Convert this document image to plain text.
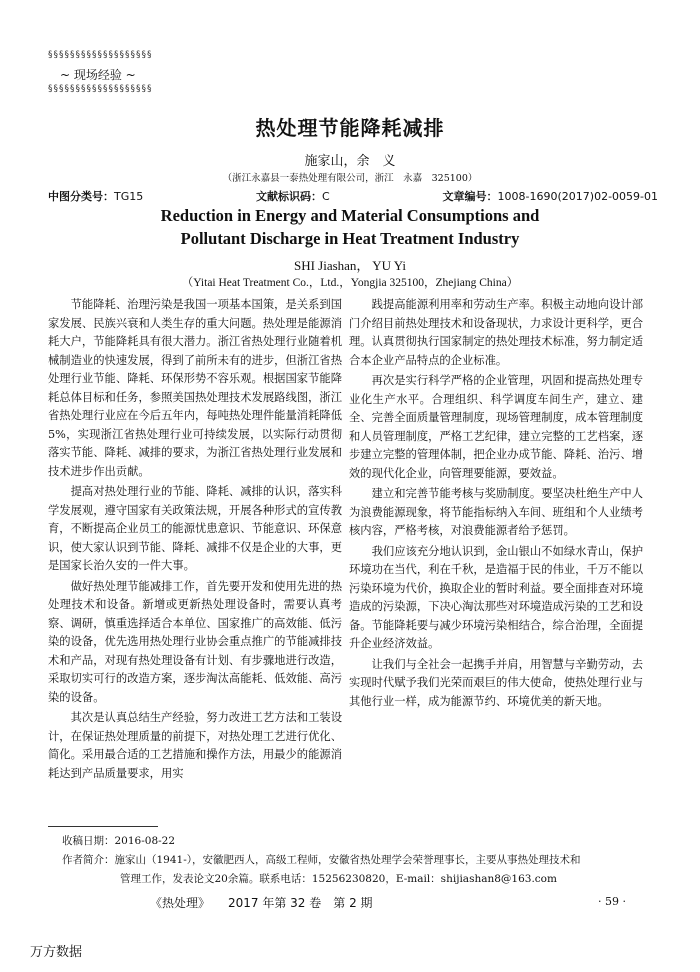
§§§§§§§§§§§§§§§§§§§
~ 现场经验 ~
§§§§§§§§§§§§§§§§§§§
热处理节能降耗减排
施家山，余　义
（浙江永嘉县一泰热处理有限公司，浙江　永嘉　325100）
中图分类号：TG15	文献标识码：C	文章编号：1008-1690(2017)02-0059-01
Reduction in Energy and Material Consumptions and
Pollutant Discharge in Heat Treatment Industry
SHI Jiashan， YU Yi
（Yitai Heat Treatment Co.，Ltd.，Yongjia 325100，Zhejiang China）

节能降耗、治理污染是我国一项基本国策，是关系到国家发展、民族兴衰和人类生存的重大问题。热处理是能源消耗大户，节能降耗具有很大潜力。浙江省热处理行业随着机械制造业的快速发展，得到了前所未有的进步，但浙江省热处理行业节能、降耗、环保形势不容乐观。根据国家节能降耗总体目标和任务，参照美国热处理技术发展路线图，浙江省热处理行业应在今后五年内，每吨热处理件能量消耗降低5%，实现浙江省热处理行业可持续发展，以实际行动贯彻落实节能、降耗、减排的要求，为浙江省热处理行业发展和技术进步作出贡献。

提高对热处理行业的节能、降耗、减排的认识，落实科学发展观，遵守国家有关政策法规，开展各种形式的宣传教育，不断提高企业员工的能源忧患意识、节能意识、环保意识，使大家认识到节能、降耗、减排不仅是企业的大事，更是国家长治久安的一件大事。

做好热处理节能减排工作，首先要开发和使用先进的热处理技术和设备。新增或更新热处理设备时，需要认真考察、调研，慎重选择适合本单位、国家推广的高效能、低污染的设备，优先选用热处理行业协会重点推广的节能减排技术和产品，对现有热处理设备有计划、有步骤地进行改造，采取切实可行的改造方案，逐步淘汰高能耗、低效能、高污染的设备。

其次是认真总结生产经验，努力改进工艺方法和工装设计，在保证热处理质量的前提下，对热处理工艺进行优化、简化。采用最合适的工艺措施和操作方法，用最少的能源消耗达到产品质量要求，用实

践提高能源利用率和劳动生产率。积极主动地向设计部门介绍目前热处理技术和设备现状，力求设计更科学，更合理。认真贯彻执行国家制定的热处理技术标准，努力制定适合本企业产品特点的企业标准。

再次是实行科学严格的企业管理，巩固和提高热处理专业化生产水平。合理组织、科学调度车间生产，建立、建全、完善全面质量管理制度，现场管理制度，成本管理制度和人员管理制度，严格工艺纪律，建立完整的工艺档案，逐步建立完整的管理体制，把企业办成节能、降耗、治污、增效的现代化企业，向管理要能源，要效益。

建立和完善节能考核与奖励制度。要坚决杜绝生产中人为浪费能源现象，将节能指标纳入车间、班组和个人业绩考核内容，严格考核，对浪费能源者给予惩罚。

我们应该充分地认识到，金山银山不如绿水青山，保护环境功在当代，利在千秋，是造福于民的伟业，千万不能以污染环境为代价，换取企业的暂时利益。要全面排查对环境造成的污染源，下决心淘汰那些对环境造成污染的工艺和设备。节能降耗要与减少环境污染相结合，综合治理，全面提升企业经济效益。

让我们与全社会一起携手并肩，用智慧与辛勤劳动，去实现时代赋予我们光荣而艰巨的伟大使命，使热处理行业与其他行业一样，成为能源节约、环境优美的新天地。

收稿日期：2016-08-22
作者简介：施家山（1941-），安徽肥西人，高级工程师，安徽省热处理学会荣誉理事长，主要从事热处理技术和
管理工作，发表论文20余篇。联系电话：15256230820，E-mail：shijiashan8@163.com
《热处理》　　2017 年第 32 卷　第 2 期	· 59 ·
万方数据
